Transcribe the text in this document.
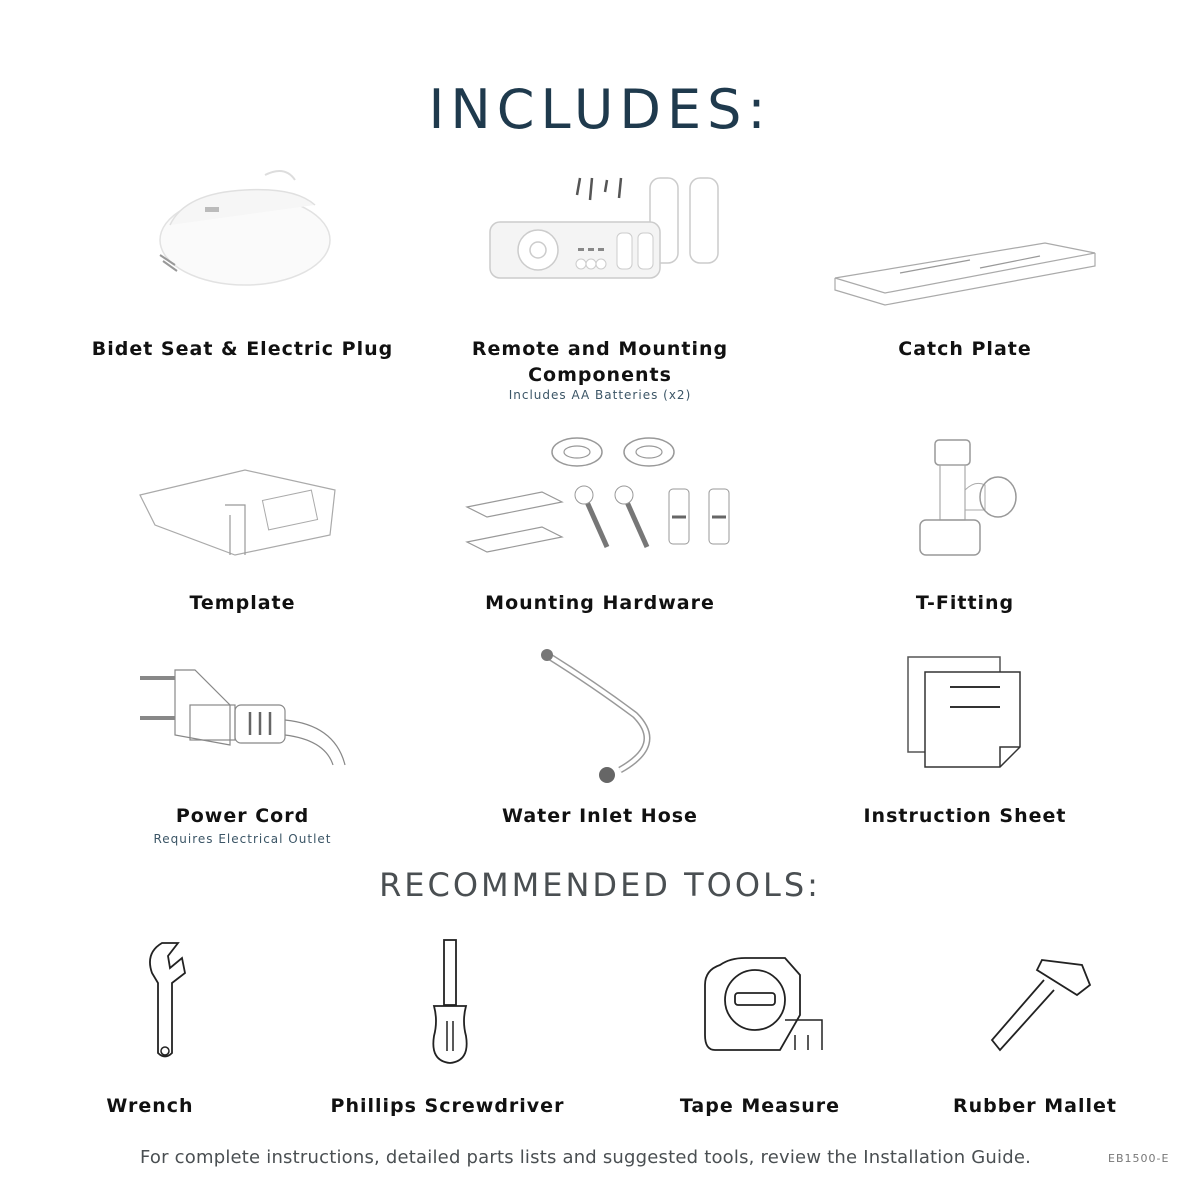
INCLUDES:
Bidet Seat & Electric Plug	Remote and Mounting Components
Includes AA Batteries (x2)
Catch Plate
Template	Mounting Hardware	T-Fitting
Power Cord
Requires Electrical Outlet
Water Inlet Hose	Instruction Sheet
RECOMMENDED TOOLS:
Wrench	Phillips Screwdriver	Tape Measure	Rubber Mallet
For complete instructions, detailed parts lists and suggested tools, review the Installation Guide.	EB1500-E
